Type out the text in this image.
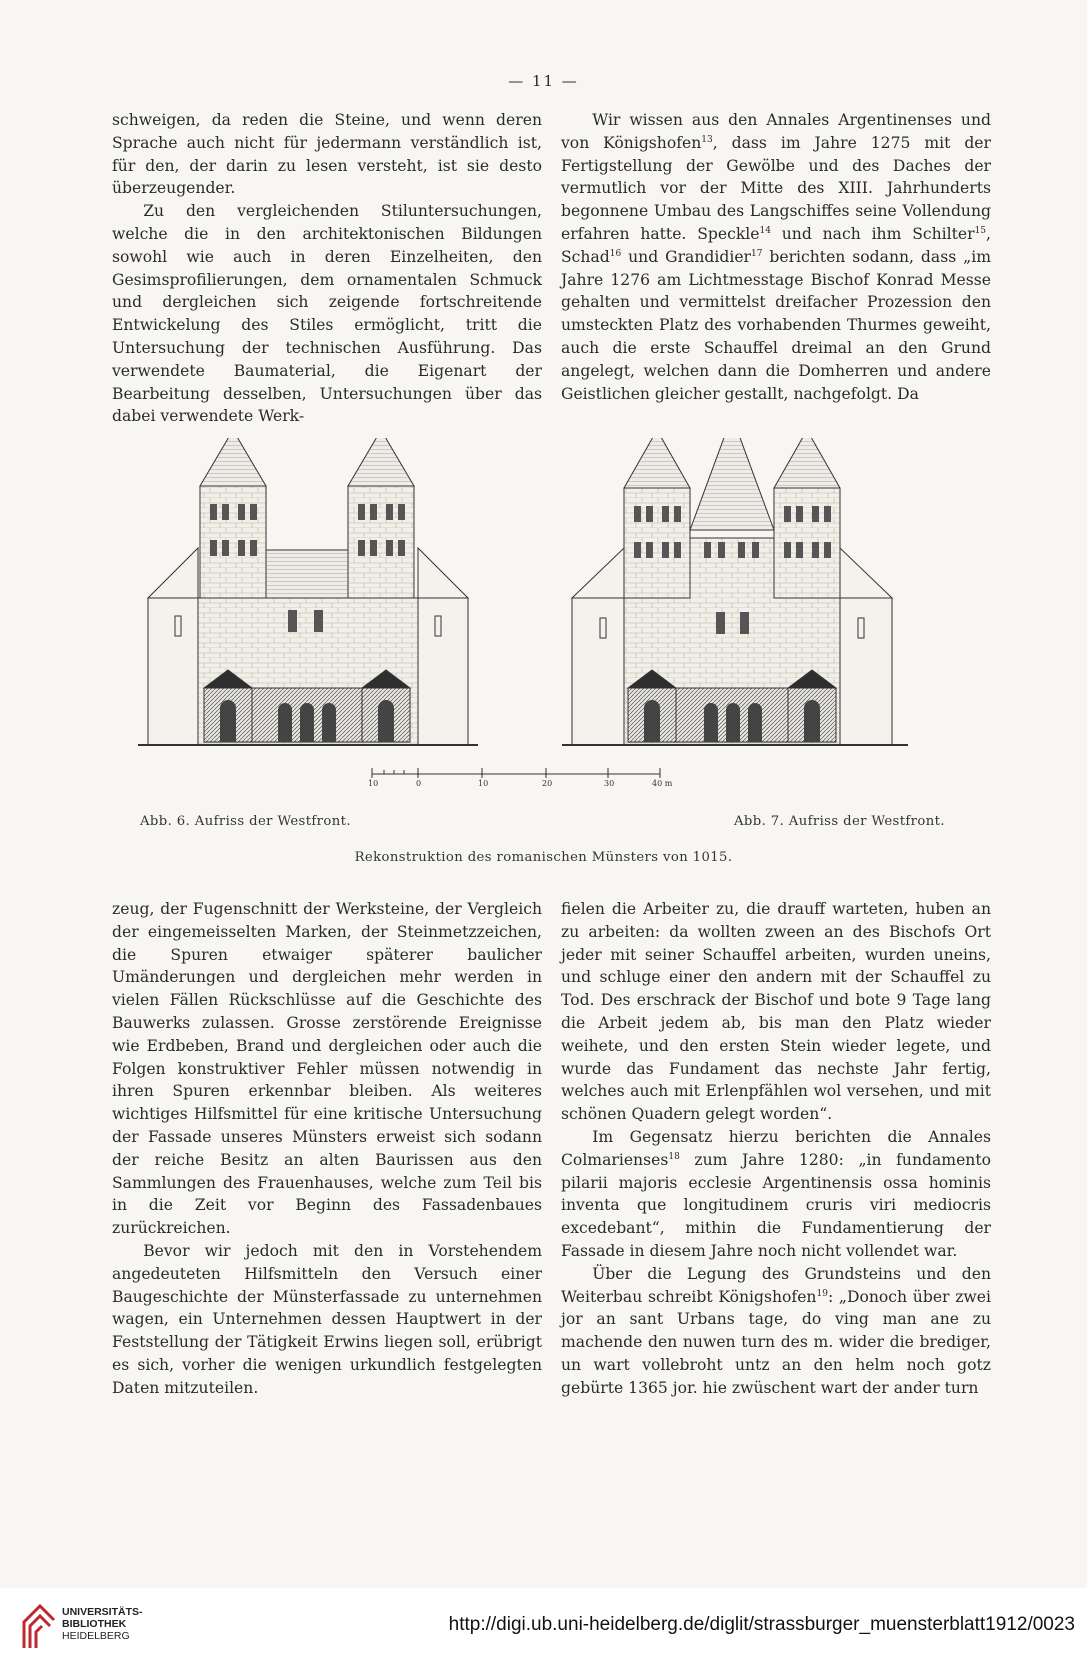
— 11 —

schweigen, da reden die Steine, und wenn deren Sprache auch nicht für jedermann verständlich ist, für den, der darin zu lesen versteht, ist sie desto überzeugender.

Zu den vergleichenden Stiluntersuchungen, welche die in den architektonischen Bildungen sowohl wie auch in deren Einzelheiten, den Gesimsprofilierungen, dem ornamentalen Schmuck und dergleichen sich zeigende fortschreitende Entwickelung des Stiles ermöglicht, tritt die Untersuchung der technischen Ausführung. Das verwendete Baumaterial, die Eigenart der Bearbeitung desselben, Untersuchungen über das dabei verwendete Werk-

Wir wissen aus den Annales Argentinenses und von Königshofen$^{13}$, dass im Jahre 1275 mit der Fertigstellung der Gewölbe und des Daches der vermutlich vor der Mitte des XIII. Jahrhunderts begonnene Umbau des Langschiffes seine Vollendung erfahren hatte. Speckle$^{14}$ und nach ihm Schilter$^{15}$, Schad$^{16}$ und Grandidier$^{17}$ berichten sodann, dass „im Jahre 1276 am Lichtmesstage Bischof Konrad Messe gehalten und vermittelst dreifacher Prozession den umsteckten Platz des vorhabenden Thurmes geweiht, auch die erste Schauffel dreimal an den Grund angelegt, welchen dann die Domherren und andere Geistlichen gleicher gestallt, nachgefolgt. Da

10	0	10	20	30	40 m
Abb. 6. Aufriss der Westfront.	Abb. 7. Aufriss der Westfront.
Rekonstruktion des romanischen Münsters von 1015.

zeug, der Fugenschnitt der Werksteine, der Vergleich der eingemeisselten Marken, der Steinmetzzeichen, die Spuren etwaiger späterer baulicher Umänderungen und dergleichen mehr werden in vielen Fällen Rückschlüsse auf die Geschichte des Bauwerks zulassen. Grosse zerstörende Ereignisse wie Erdbeben, Brand und dergleichen oder auch die Folgen konstruktiver Fehler müssen notwendig in ihren Spuren erkennbar bleiben. Als weiteres wichtiges Hilfsmittel für eine kritische Untersuchung der Fassade unseres Münsters erweist sich sodann der reiche Besitz an alten Baurissen aus den Sammlungen des Frauenhauses, welche zum Teil bis in die Zeit vor Beginn des Fassadenbaues zurückreichen.

Bevor wir jedoch mit den in Vorstehendem angedeuteten Hilfsmitteln den Versuch einer Baugeschichte der Münsterfassade zu unternehmen wagen, ein Unternehmen dessen Hauptwert in der Feststellung der Tätigkeit Erwins liegen soll, erübrigt es sich, vorher die wenigen urkundlich festgelegten Daten mitzuteilen.

fielen die Arbeiter zu, die drauff warteten, huben an zu arbeiten: da wollten zween an des Bischofs Ort jeder mit seiner Schauffel arbeiten, wurden uneins, und schluge einer den andern mit der Schauffel zu Tod. Des erschrack der Bischof und bote 9 Tage lang die Arbeit jedem ab, bis man den Platz wieder weihete, und den ersten Stein wieder legete, und wurde das Fundament das nechste Jahr fertig, welches auch mit Erlenpfählen wol versehen, und mit schönen Quadern gelegt worden“.

Im Gegensatz hierzu berichten die Annales Colmarienses$^{18}$ zum Jahre 1280: „in fundamento pilarii majoris ecclesie Argentinensis ossa hominis inventa que longitudinem cruris viri mediocris excedebant“, mithin die Fundamentierung der Fassade in diesem Jahre noch nicht vollendet war.

Über die Legung des Grundsteins und den Weiterbau schreibt Königshofen$^{19}$: „Donoch über zwei jor an sant Urbans tage, do ving man ane zu machende den nuwen turn des m. wider die brediger, un wart vollebroht untz an den helm noch gotz gebürte 1365 jor. hie zwüschent wart der ander turn

UNIVERSITÄTS-
BIBLIOTHEK
HEIDELBERG
http://digi.ub.uni-heidelberg.de/diglit/strassburger_muensterblatt1912/0023
